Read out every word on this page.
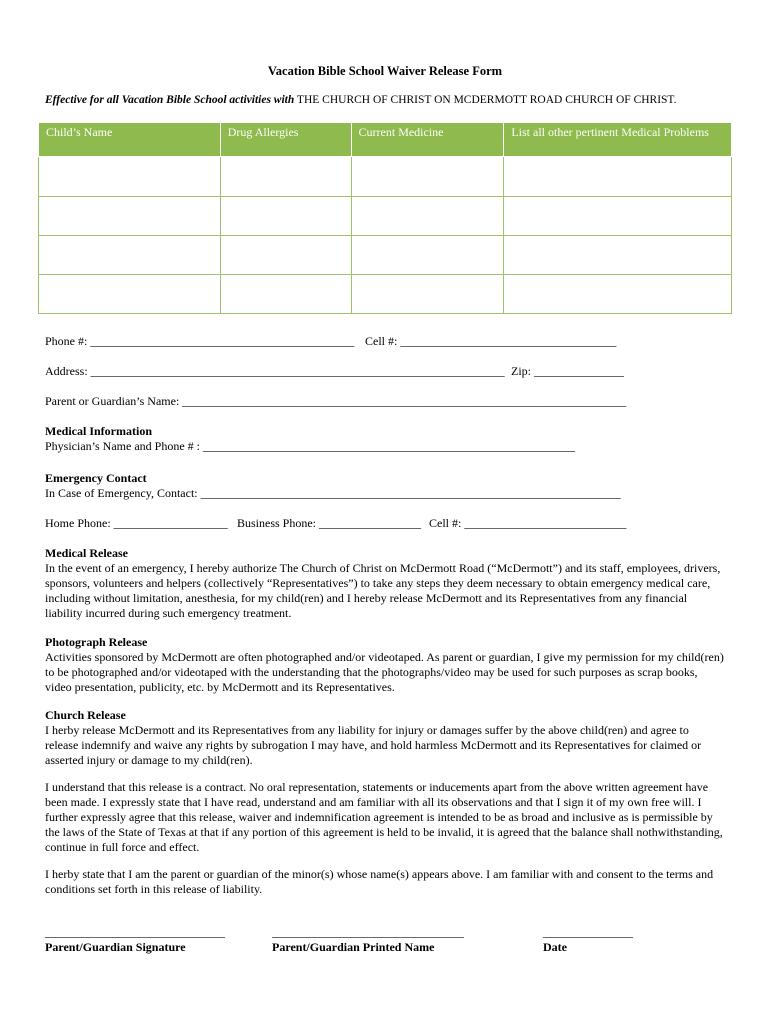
Vacation Bible School Waiver Release Form
Effective for all Vacation Bible School activities with THE CHURCH OF CHRIST ON MCDERMOTT ROAD CHURCH OF CHRIST.
Child’s Name	Drug Allergies	Current Medicine	List all other pertinent Medical Problems

Phone #: ____________________________________________ Cell #: ____________________________________
Address: _____________________________________________________________________ Zip: _______________
Parent or Guardian’s Name: __________________________________________________________________________
Medical Information
Physician’s Name and Phone # : ______________________________________________________________
Emergency Contact
In Case of Emergency, Contact: ______________________________________________________________________
Home Phone: ___________________ Business Phone: _________________ Cell #: ___________________________
Medical Release

In the event of an emergency, I hereby authorize The Church of Christ on McDermott Road (“McDermott”) and its staff, employees, drivers, sponsors, volunteers and helpers (collectively “Representatives”) to take any steps they deem necessary to obtain emergency medical care, including without limitation, anesthesia, for my child(ren) and I hereby release McDermott and its Representatives from any financial liability incurred during such emergency treatment.

Photograph Release

Activities sponsored by McDermott are often photographed and/or videotaped. As parent or guardian, I give my permission for my child(ren) to be photographed and/or videotaped with the understanding that the photographs/video may be used for such purposes as scrap books, video presentation, publicity, etc. by McDermott and its Representatives.

Church Release

I herby release McDermott and its Representatives from any liability for injury or damages suffer by the above child(ren) and agree to release indemnify and waive any rights by subrogation I may have, and hold harmless McDermott and its Representatives for claimed or asserted injury or damage to my child(ren).

I understand that this release is a contract. No oral representation, statements or inducements apart from the above written agreement have been made. I expressly state that I have read, understand and am familiar with all its observations and that I sign it of my own free will. I further expressly agree that this release, waiver and indemnification agreement is intended to be as broad and inclusive as is permissible by the laws of the State of Texas at that if any portion of this agreement is held to be invalid, it is agreed that the balance shall nothwithstanding, continue in full force and effect.

I herby state that I am the parent or guardian of the minor(s) whose name(s) appears above. I am familiar with and consent to the terms and conditions set forth in this release of liability.

______________________________	________________________________	_______________
Parent/Guardian Signature	Parent/Guardian Printed Name	Date
